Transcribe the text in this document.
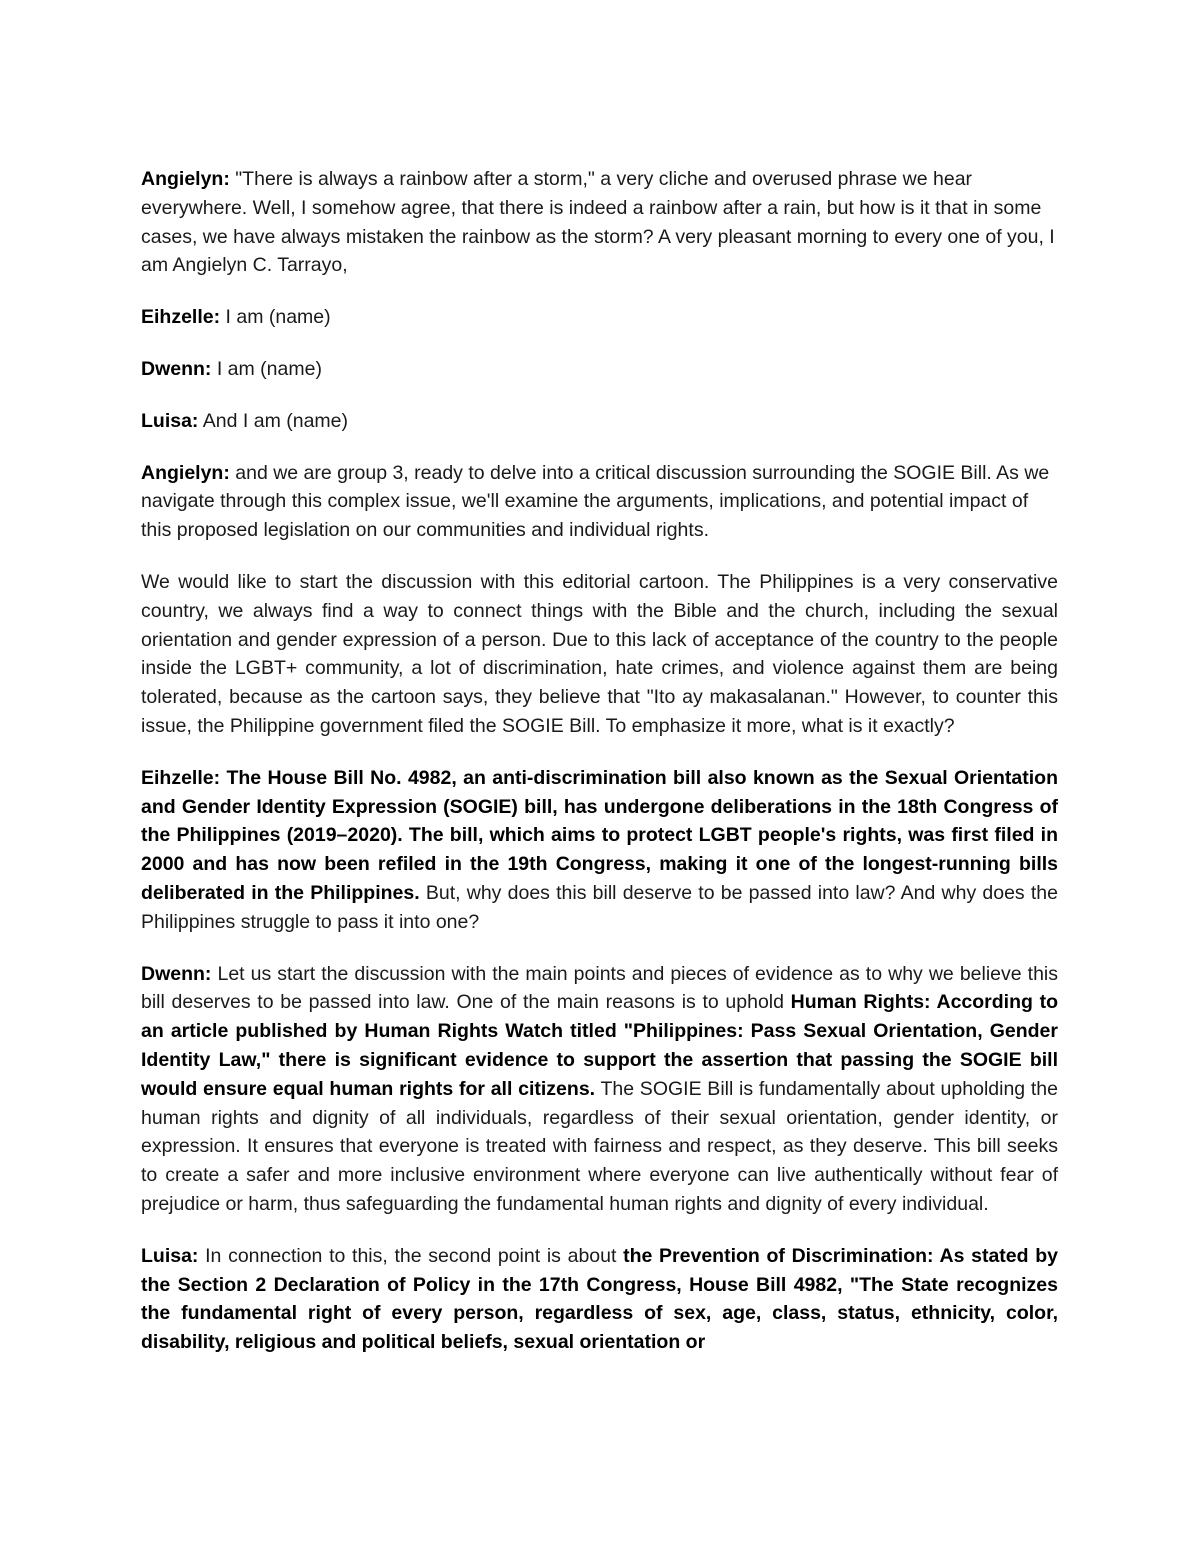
Angielyn: "There is always a rainbow after a storm," a very cliche and overused phrase we hear everywhere. Well, I somehow agree, that there is indeed a rainbow after a rain, but how is it that in some cases, we have always mistaken the rainbow as the storm? A very pleasant morning to every one of you, I am Angielyn C. Tarrayo,

Eihzelle: I am (name)

Dwenn: I am (name)

Luisa: And I am (name)

Angielyn: and we are group 3, ready to delve into a critical discussion surrounding the SOGIE Bill. As we navigate through this complex issue, we'll examine the arguments, implications, and potential impact of this proposed legislation on our communities and individual rights.

We would like to start the discussion with this editorial cartoon. The Philippines is a very conservative country, we always find a way to connect things with the Bible and the church, including the sexual orientation and gender expression of a person. Due to this lack of acceptance of the country to the people inside the LGBT+ community, a lot of discrimination, hate crimes, and violence against them are being tolerated, because as the cartoon says, they believe that "Ito ay makasalanan." However, to counter this issue, the Philippine government filed the SOGIE Bill. To emphasize it more, what is it exactly?

Eihzelle: The House Bill No. 4982, an anti-discrimination bill also known as the Sexual Orientation and Gender Identity Expression (SOGIE) bill, has undergone deliberations in the 18th Congress of the Philippines (2019–2020). The bill, which aims to protect LGBT people's rights, was first filed in 2000 and has now been refiled in the 19th Congress, making it one of the longest-running bills deliberated in the Philippines. But, why does this bill deserve to be passed into law? And why does the Philippines struggle to pass it into one?

Dwenn: Let us start the discussion with the main points and pieces of evidence as to why we believe this bill deserves to be passed into law. One of the main reasons is to uphold Human Rights: According to an article published by Human Rights Watch titled "Philippines: Pass Sexual Orientation, Gender Identity Law," there is significant evidence to support the assertion that passing the SOGIE bill would ensure equal human rights for all citizens. The SOGIE Bill is fundamentally about upholding the human rights and dignity of all individuals, regardless of their sexual orientation, gender identity, or expression. It ensures that everyone is treated with fairness and respect, as they deserve. This bill seeks to create a safer and more inclusive environment where everyone can live authentically without fear of prejudice or harm, thus safeguarding the fundamental human rights and dignity of every individual.

Luisa: In connection to this, the second point is about the Prevention of Discrimination: As stated by the Section 2 Declaration of Policy in the 17th Congress, House Bill 4982, "The State recognizes the fundamental right of every person, regardless of sex, age, class, status, ethnicity, color, disability, religious and political beliefs, sexual orientation or
